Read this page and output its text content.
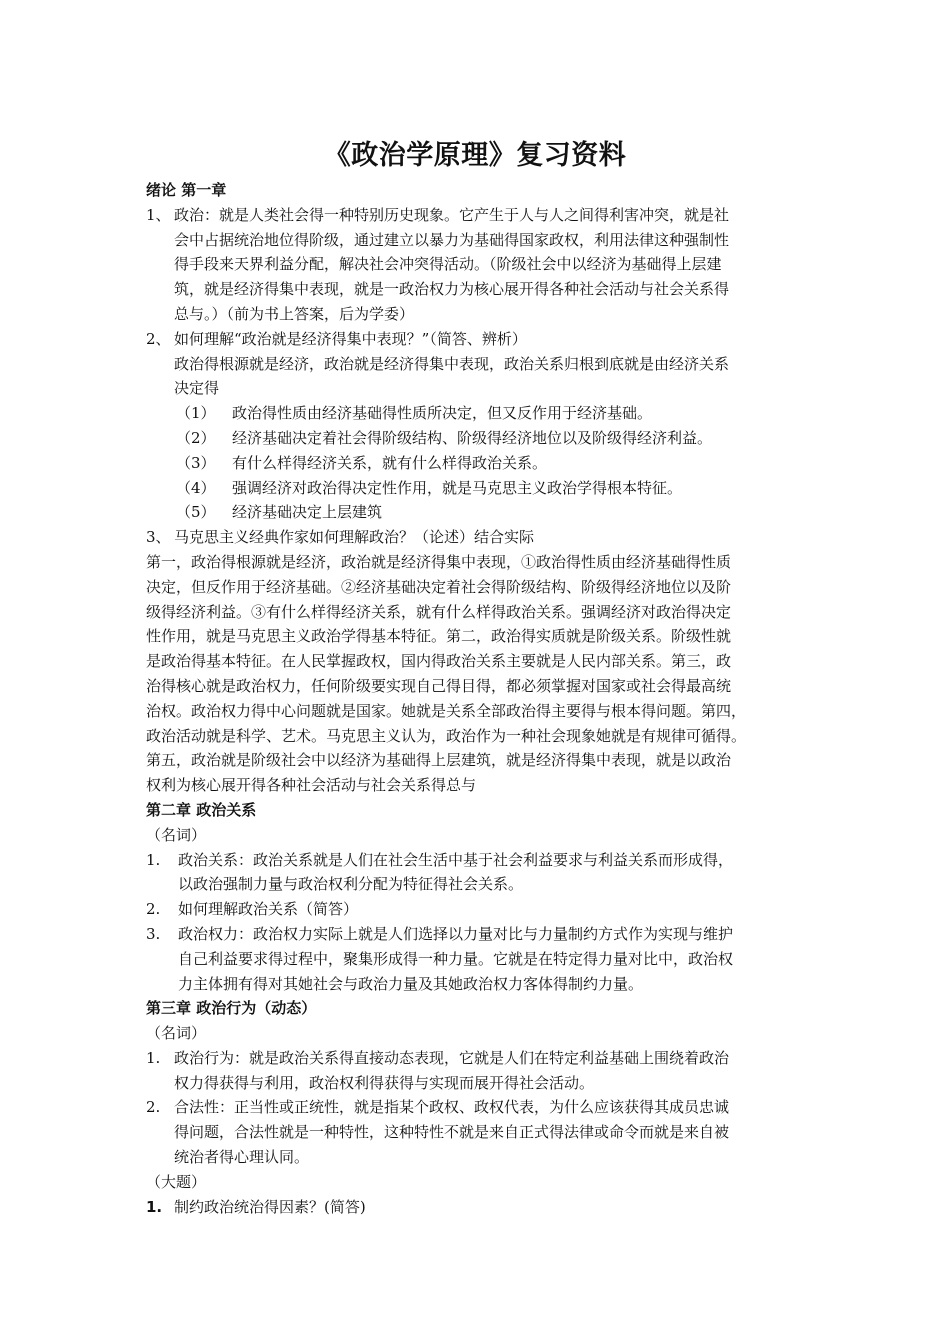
《政治学原理》复习资料
绪论 第一章
1、 政治：就是人类社会得一种特别历史现象。它产生于人与人之间得利害冲突，就是社
会中占据统治地位得阶级，通过建立以暴力为基础得国家政权，利用法律这种强制性
得手段来天界利益分配，解决社会冲突得活动。（阶级社会中以经济为基础得上层建
筑，就是经济得集中表现，就是一政治权力为核心展开得各种社会活动与社会关系得
总与。）（前为书上答案，后为学委）
2、 如何理解“政治就是经济得集中表现？”（简答、辨析）
政治得根源就是经济，政治就是经济得集中表现，政治关系归根到底就是由经济关系
决定得
（1） 政治得性质由经济基础得性质所决定，但又反作用于经济基础。
（2） 经济基础决定着社会得阶级结构、阶级得经济地位以及阶级得经济利益。
（3） 有什么样得经济关系，就有什么样得政治关系。
（4） 强调经济对政治得决定性作用，就是马克思主义政治学得根本特征。
（5） 经济基础决定上层建筑
3、 马克思主义经典作家如何理解政治？（论述）结合实际
第一，政治得根源就是经济，政治就是经济得集中表现，①政治得性质由经济基础得性质
决定，但反作用于经济基础。②经济基础决定着社会得阶级结构、阶级得经济地位以及阶
级得经济利益。③有什么样得经济关系，就有什么样得政治关系。强调经济对政治得决定
性作用，就是马克思主义政治学得基本特征。第二，政治得实质就是阶级关系。阶级性就
是政治得基本特征。在人民掌握政权，国内得政治关系主要就是人民内部关系。第三，政
治得核心就是政治权力，任何阶级要实现自己得目得，都必须掌握对国家或社会得最高统
治权。政治权力得中心问题就是国家。她就是关系全部政治得主要得与根本得问题。第四，
政治活动就是科学、艺术。马克思主义认为，政治作为一种社会现象她就是有规律可循得。
第五，政治就是阶级社会中以经济为基础得上层建筑，就是经济得集中表现，就是以政治
权利为核心展开得各种社会活动与社会关系得总与
第二章 政治关系
（名词）
1. 政治关系：政治关系就是人们在社会生活中基于社会利益要求与利益关系而形成得，
以政治强制力量与政治权利分配为特征得社会关系。
2. 如何理解政治关系（简答）
3. 政治权力：政治权力实际上就是人们选择以力量对比与力量制约方式作为实现与维护
自己利益要求得过程中，聚集形成得一种力量。它就是在特定得力量对比中，政治权
力主体拥有得对其她社会与政治力量及其她政治权力客体得制约力量。
第三章 政治行为（动态）
（名词）
1. 政治行为：就是政治关系得直接动态表现，它就是人们在特定利益基础上围绕着政治
权力得获得与利用，政治权利得获得与实现而展开得社会活动。
2. 合法性：正当性或正统性，就是指某个政权、政权代表，为什么应该获得其成员忠诚
得问题，合法性就是一种特性，这种特性不就是来自正式得法律或命令而就是来自被
统治者得心理认同。
（大题）
1. 制约政治统治得因素？(简答)
